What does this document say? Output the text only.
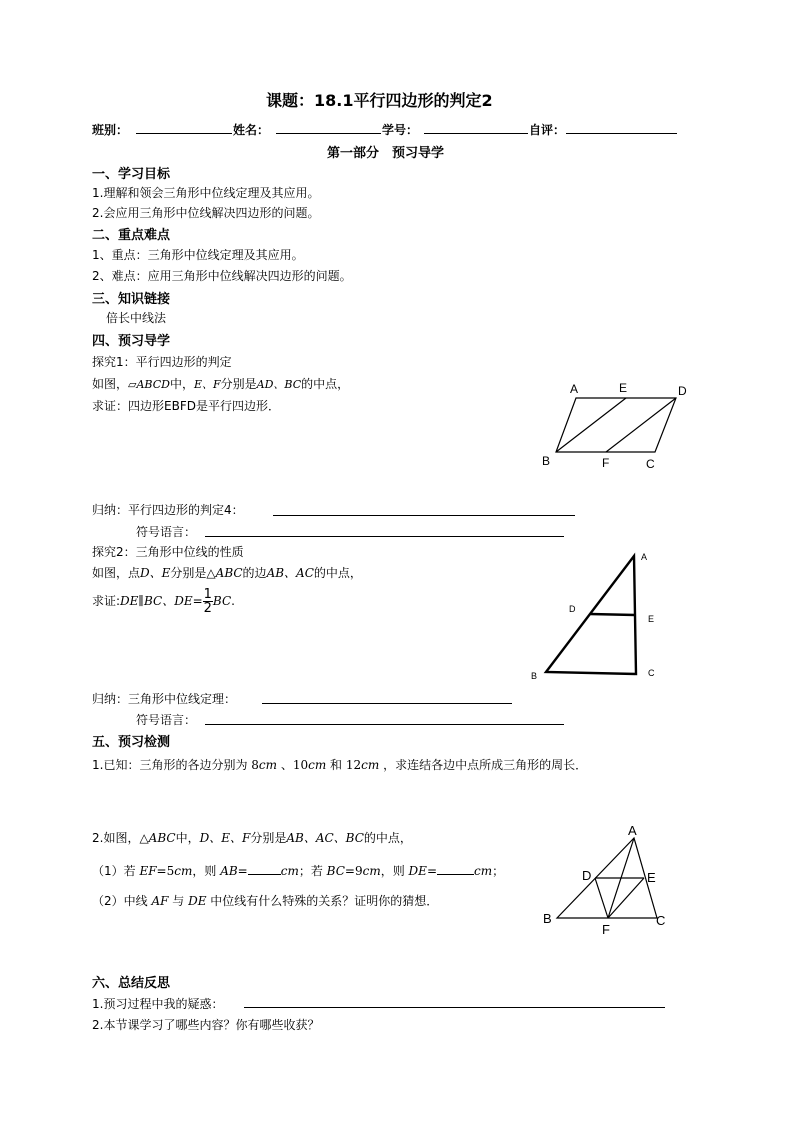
课题：18.1平行四边形的判定2
班别：	姓名：	学号：	自评：
第一部分　预习导学
一、学习目标
1.理解和领会三角形中位线定理及其应用。
2.会应用三角形中位线解决四边形的问题。
二、重点难点
1、重点：三角形中位线定理及其应用。
2、难点：应用三角形中位线解决四边形的问题。
三、知识链接
倍长中线法
四、预习导学
探究1：平行四边形的判定
如图，▱ABCD中，E、F分别是AD、BC的中点，
求证：四边形EBFD是平行四边形．
A	E	D
B	F	C
归纳：平行四边形的判定4：
符号语言：
探究2：三角形中位线的性质
如图，点D、E分别是△ABC的边AB、AC的中点，
求证:DE∥BC、$DE= \frac{1}{2}$ BC.
A
D
E
B	C
归纳：三角形中位线定理：
符号语言：
五、预习检测
1.已知：三角形的各边分别为 8cm 、10cm 和 12cm ，求连结各边中点所成三角形的周长．
2.如图，△ABC中，D、E、F分别是AB、AC、BC的中点，
（1）若 EF=5cm，则 AB=	cm；若 BC=9cm，则 DE=	cm；
（2）中线 AF 与 DE 中位线有什么特殊的关系？证明你的猜想．
A
D	E
B
F
C
六、总结反思
1.预习过程中我的疑惑：
2.本节课学习了哪些内容？你有哪些收获？
